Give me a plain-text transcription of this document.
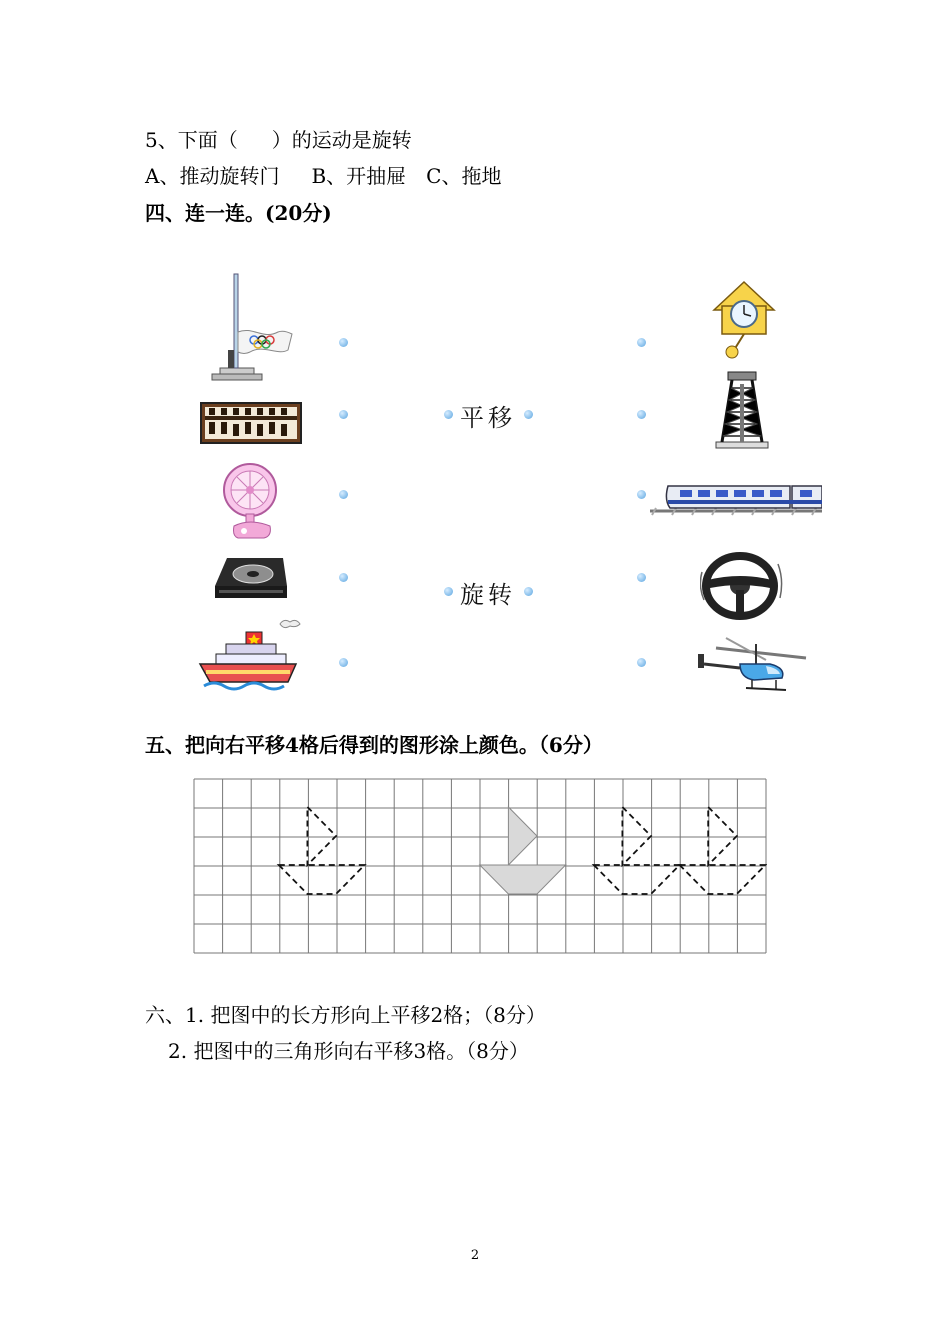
5、下面（ ）的运动是旋转
A、推动旋转门 B、开抽屉 C、拖地
四、连一连。(20分)
平移
旋转
五、把向右平移4格后得到的图形涂上颜色。（6分）
六、1. 把图中的长方形向上平移2格；（8分）
2. 把图中的三角形向右平移3格。（8分）
2
